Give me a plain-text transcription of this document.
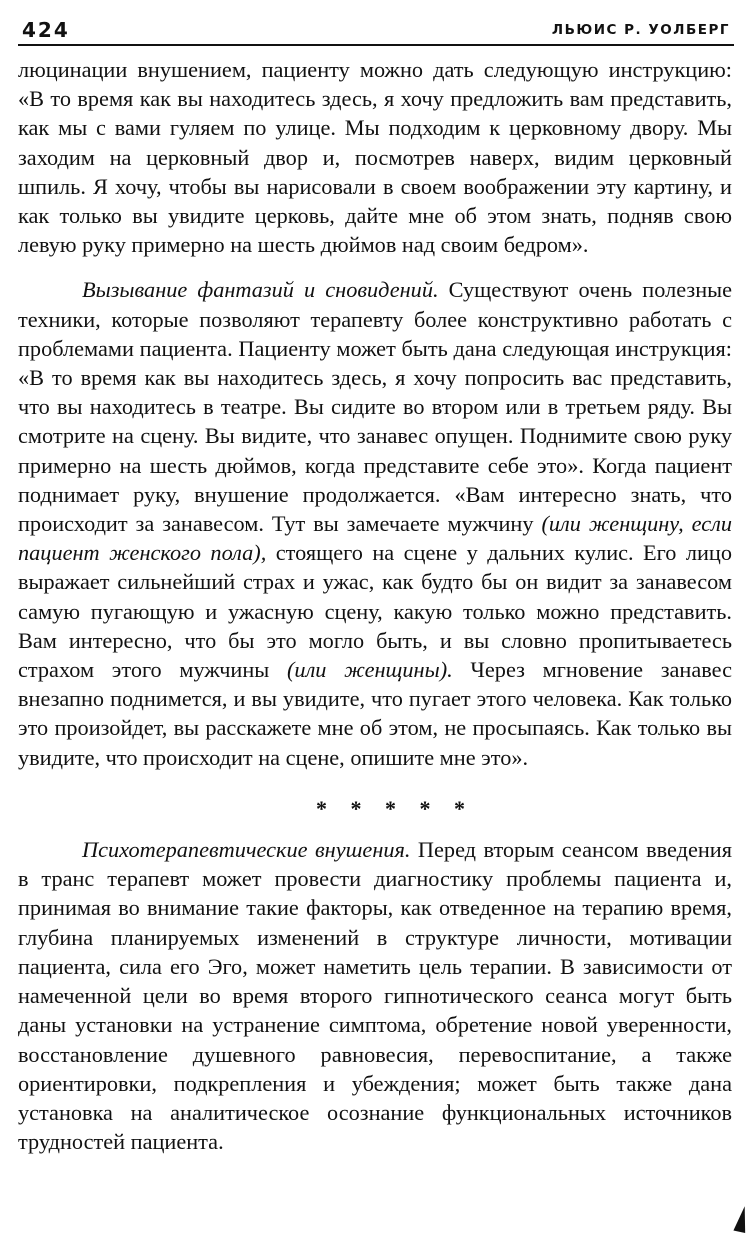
424	ЛЬЮИС Р. УОЛБЕРГ

люцинации внушением, пациенту можно дать следующую инструкцию: «В то время как вы находитесь здесь, я хочу предложить вам представить, как мы с вами гуляем по улице. Мы подходим к церковному двору. Мы заходим на церковный двор и, посмотрев наверх, видим церковный шпиль. Я хочу, чтобы вы нарисовали в своем воображении эту картину, и как только вы увидите церковь, дайте мне об этом знать, подняв свою левую руку примерно на шесть дюймов над своим бедром».

Вызывание фантазий и сновидений. Существуют очень полезные техники, которые позволяют терапевту более конструктивно работать с проблемами пациента. Пациенту может быть дана следующая инструкция: «В то время как вы находитесь здесь, я хочу попросить вас представить, что вы находитесь в театре. Вы сидите во втором или в третьем ряду. Вы смотрите на сцену. Вы видите, что занавес опущен. Поднимите свою руку примерно на шесть дюймов, когда представите себе это». Когда пациент поднимает руку, внушение продолжается. «Вам интересно знать, что происходит за занавесом. Тут вы замечаете мужчину (или женщину, если пациент женского пола), стоящего на сцене у дальних кулис. Его лицо выражает сильнейший страх и ужас, как будто бы он видит за занавесом самую пугающую и ужасную сцену, какую только можно представить. Вам интересно, что бы это могло быть, и вы словно пропитываетесь страхом этого мужчины (или женщины). Через мгновение занавес внезапно поднимется, и вы увидите, что пугает этого человека. Как только это произойдет, вы расскажете мне об этом, не просыпаясь. Как только вы увидите, что происходит на сцене, опишите мне это».

* * * * *

Психотерапевтические внушения. Перед вторым сеансом введения в транс терапевт может провести диагностику проблемы пациента и, принимая во внимание такие факторы, как отведенное на терапию время, глубина планируемых изменений в структуре личности, мотивации пациента, сила его Эго, может наметить цель терапии. В зависимости от намеченной цели во время второго гипнотического сеанса могут быть даны установки на устранение симптома, обретение новой уверенности, восстановление душевного равновесия, перевоспитание, а также ориентировки, подкрепления и убеждения; может быть также дана установка на аналитическое осознание функциональных источников трудностей пациента.
